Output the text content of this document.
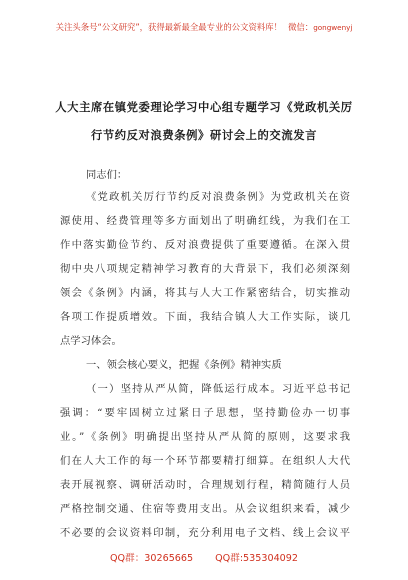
关注头条号“公文研究”，获得最新最全最专业的公文资料库！ 微信：gongwenyj
人大主席在镇党委理论学习中心组专题学习《党政机关厉
行节约反对浪费条例》研讨会上的交流发言
同志们：
《党政机关厉行节约反对浪费条例》为党政机关在资
源使用、经费管理等多方面划出了明确红线，为我们在工
作中落实勤俭节约、反对浪费提供了重要遵循。在深入贯
彻中央八项规定精神学习教育的大背景下，我们必须深刻
领会《条例》内涵，将其与人大工作紧密结合，切实推动
各项工作提质增效。下面，我结合镇人大工作实际，谈几
点学习体会。
一、领会核心要义，把握《条例》精神实质
（一）坚持从严从简，降低运行成本。习近平总书记
强调：“要牢固树立过紧日子思想，坚持勤俭办一切事
业。”《条例》明确提出坚持从严从简的原则，这要求我
们在人大工作的每一个环节都要精打细算。在组织人大代
表开展视察、调研活动时，合理规划行程，精简随行人员
严格控制交通、住宿等费用支出。从会议组织来看，减少
不必要的会议资料印制，充分利用电子文档、线上会议平
QQ群：30265665 QQ群:535304092
